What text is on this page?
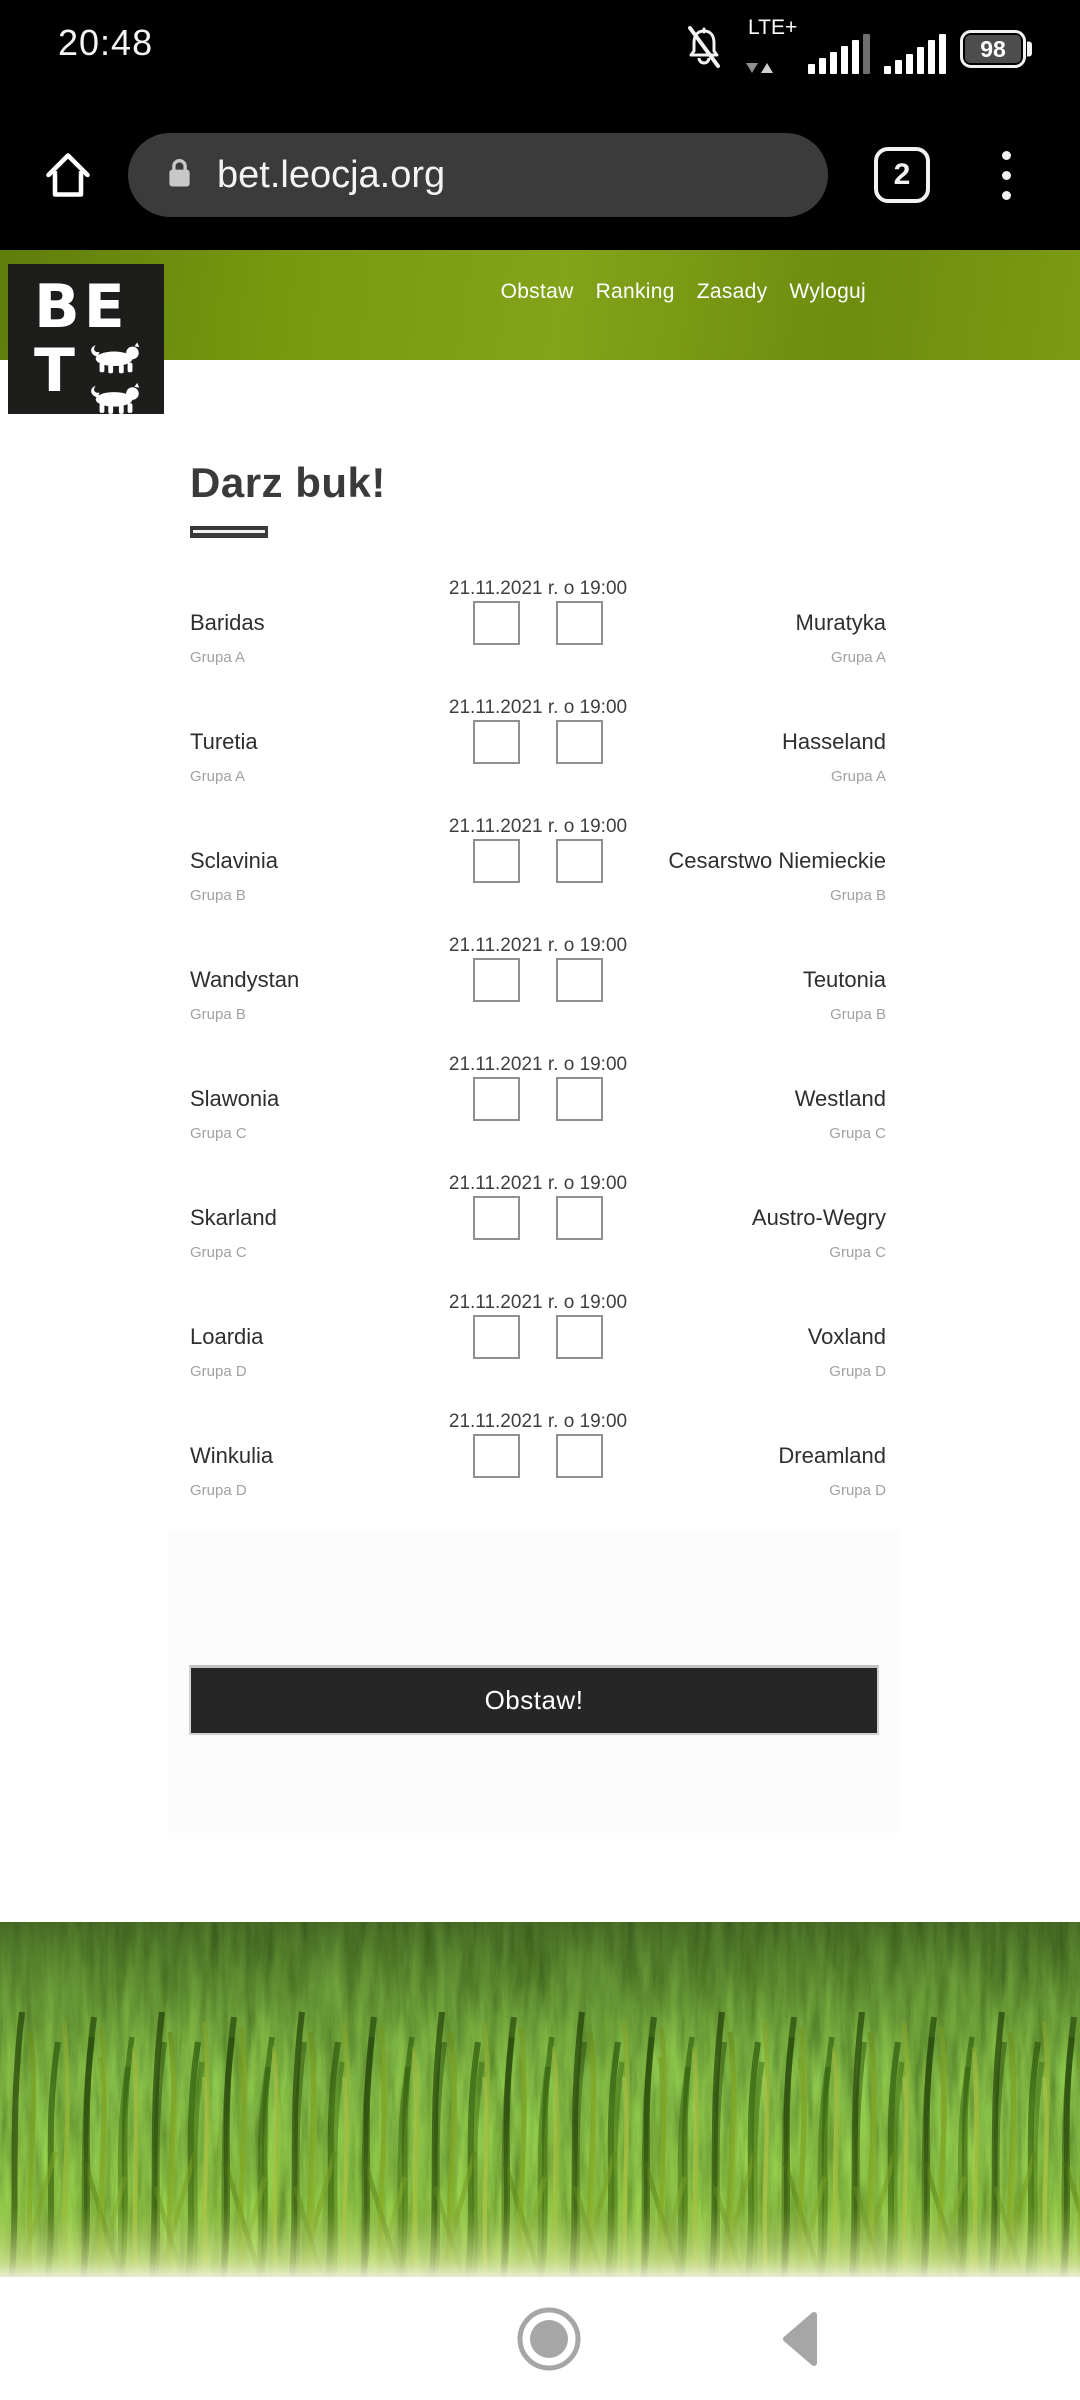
20:48	LTE+
98
bet.leocja.org	2
Obstaw Ranking Zasady Wyloguj
BE
T
Darz buk!
21.11.2021 r. o 19:00
Baridas	Muratyka
Grupa A	Grupa A
21.11.2021 r. o 19:00
Turetia	Hasseland
Grupa A	Grupa A
21.11.2021 r. o 19:00
Sclavinia	Cesarstwo Niemieckie
Grupa B	Grupa B
21.11.2021 r. o 19:00
Wandystan	Teutonia
Grupa B	Grupa B
21.11.2021 r. o 19:00
Slawonia	Westland
Grupa C	Grupa C
21.11.2021 r. o 19:00
Skarland	Austro-Wegry
Grupa C	Grupa C
21.11.2021 r. o 19:00
Loardia	Voxland
Grupa D	Grupa D
21.11.2021 r. o 19:00
Winkulia	Dreamland
Grupa D	Grupa D
Obstaw!
